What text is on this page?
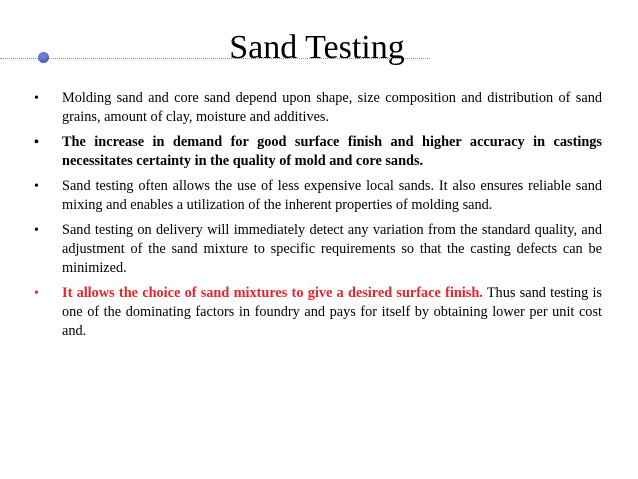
Sand Testing
•	Molding sand and core sand depend upon shape, size composition and distribution of sand grains, amount of clay, moisture and additives.
•	The increase in demand for good surface finish and higher accuracy in castings necessitates certainty in the quality of mold and core sands.
•	Sand testing often allows the use of less expensive local sands. It also ensures reliable sand mixing and enables a utilization of the inherent properties of molding sand.
•	Sand testing on delivery will immediately detect any variation from the standard quality, and adjustment of the sand mixture to specific requirements so that the casting defects can be minimized.
•	It allows the choice of sand mixtures to give a desired surface finish. Thus sand testing is one of the dominating factors in foundry and pays for itself by obtaining lower per unit cost and.
